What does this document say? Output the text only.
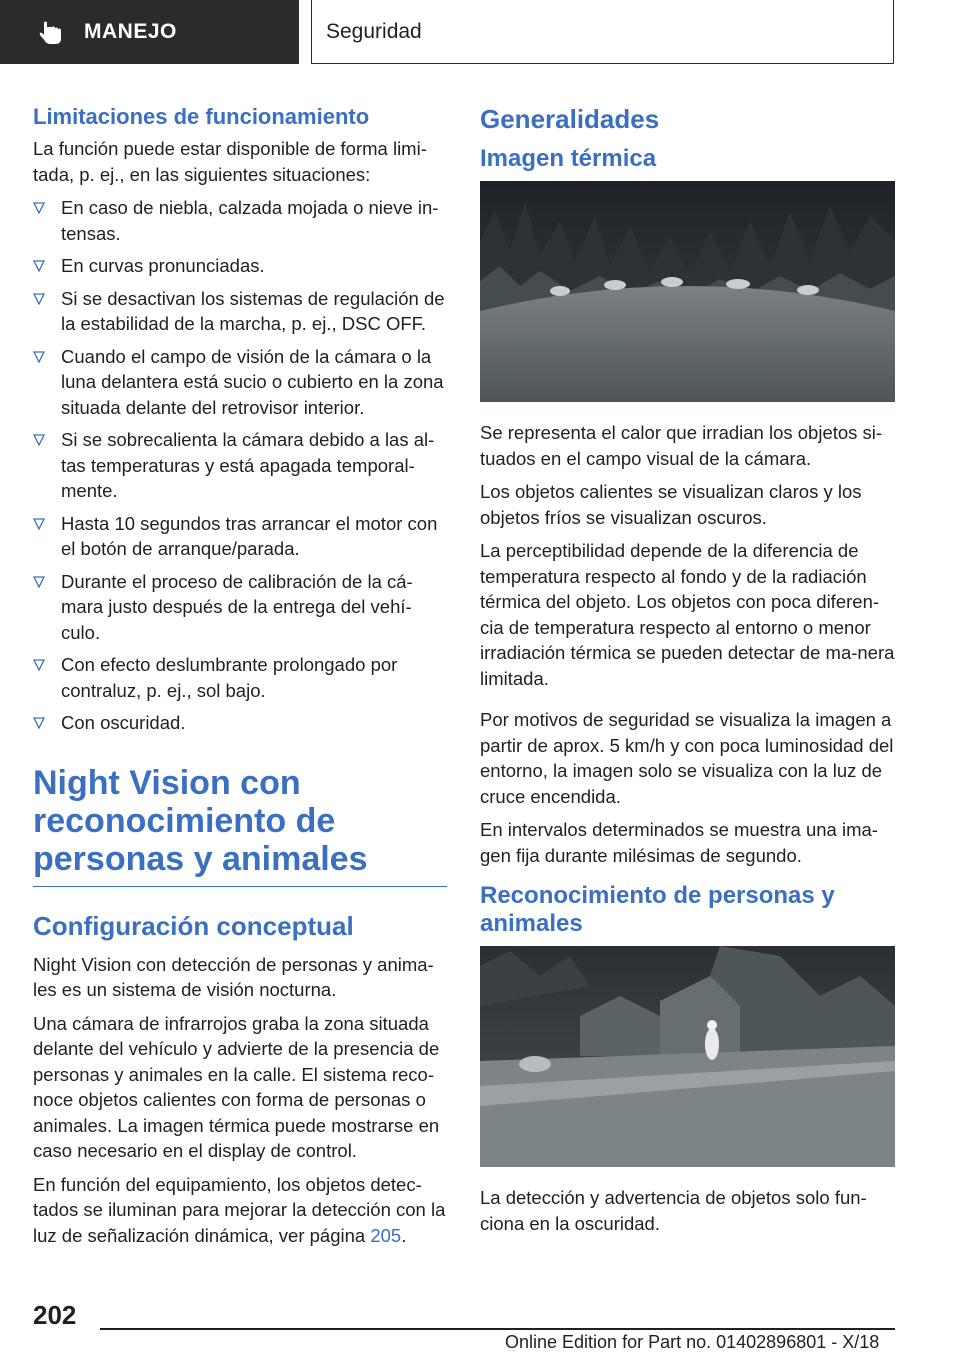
MANEJO	Seguridad
Limitaciones de funcionamiento

La función puede estar disponible de forma limi-tada, p. ej., en las siguientes situaciones:

En caso de niebla, calzada mojada o nieve in-tensas.
En curvas pronunciadas.
Si se desactivan los sistemas de regulación de la estabilidad de la marcha, p. ej., DSC OFF.
Cuando el campo de visión de la cámara o la luna delantera está sucio o cubierto en la zona situada delante del retrovisor interior.
Si se sobrecalienta la cámara debido a las al-tas temperaturas y está apagada temporal-mente.
Hasta 10 segundos tras arrancar el motor con el botón de arranque/parada.
Durante el proceso de calibración de la cá-mara justo después de la entrega del vehí-culo.
Con efecto deslumbrante prolongado por contraluz, p. ej., sol bajo.
Con oscuridad.
Night Vision con reconocimiento de personas y animales
Configuración conceptual

Night Vision con detección de personas y anima-les es un sistema de visión nocturna.

Una cámara de infrarrojos graba la zona situada delante del vehículo y advierte de la presencia de personas y animales en la calle. El sistema reco-noce objetos calientes con forma de personas o animales. La imagen térmica puede mostrarse en caso necesario en el display de control.

En función del equipamiento, los objetos detec-tados se iluminan para mejorar la detección con la luz de señalización dinámica, ver página 205.

Generalidades
Imagen térmica

Se representa el calor que irradian los objetos si-tuados en el campo visual de la cámara.

Los objetos calientes se visualizan claros y los objetos fríos se visualizan oscuros.

La perceptibilidad depende de la diferencia de temperatura respecto al fondo y de la radiación térmica del objeto. Los objetos con poca diferen-cia de temperatura respecto al entorno o menor irradiación térmica se pueden detectar de ma-nera limitada.

Por motivos de seguridad se visualiza la imagen a partir de aprox. 5 km/h y con poca luminosidad del entorno, la imagen solo se visualiza con la luz de cruce encendida.

En intervalos determinados se muestra una ima-gen fija durante milésimas de segundo.

Reconocimiento de personas y animales

La detección y advertencia de objetos solo fun-ciona en la oscuridad.

202
Online Edition for Part no. 01402896801 - X/18
